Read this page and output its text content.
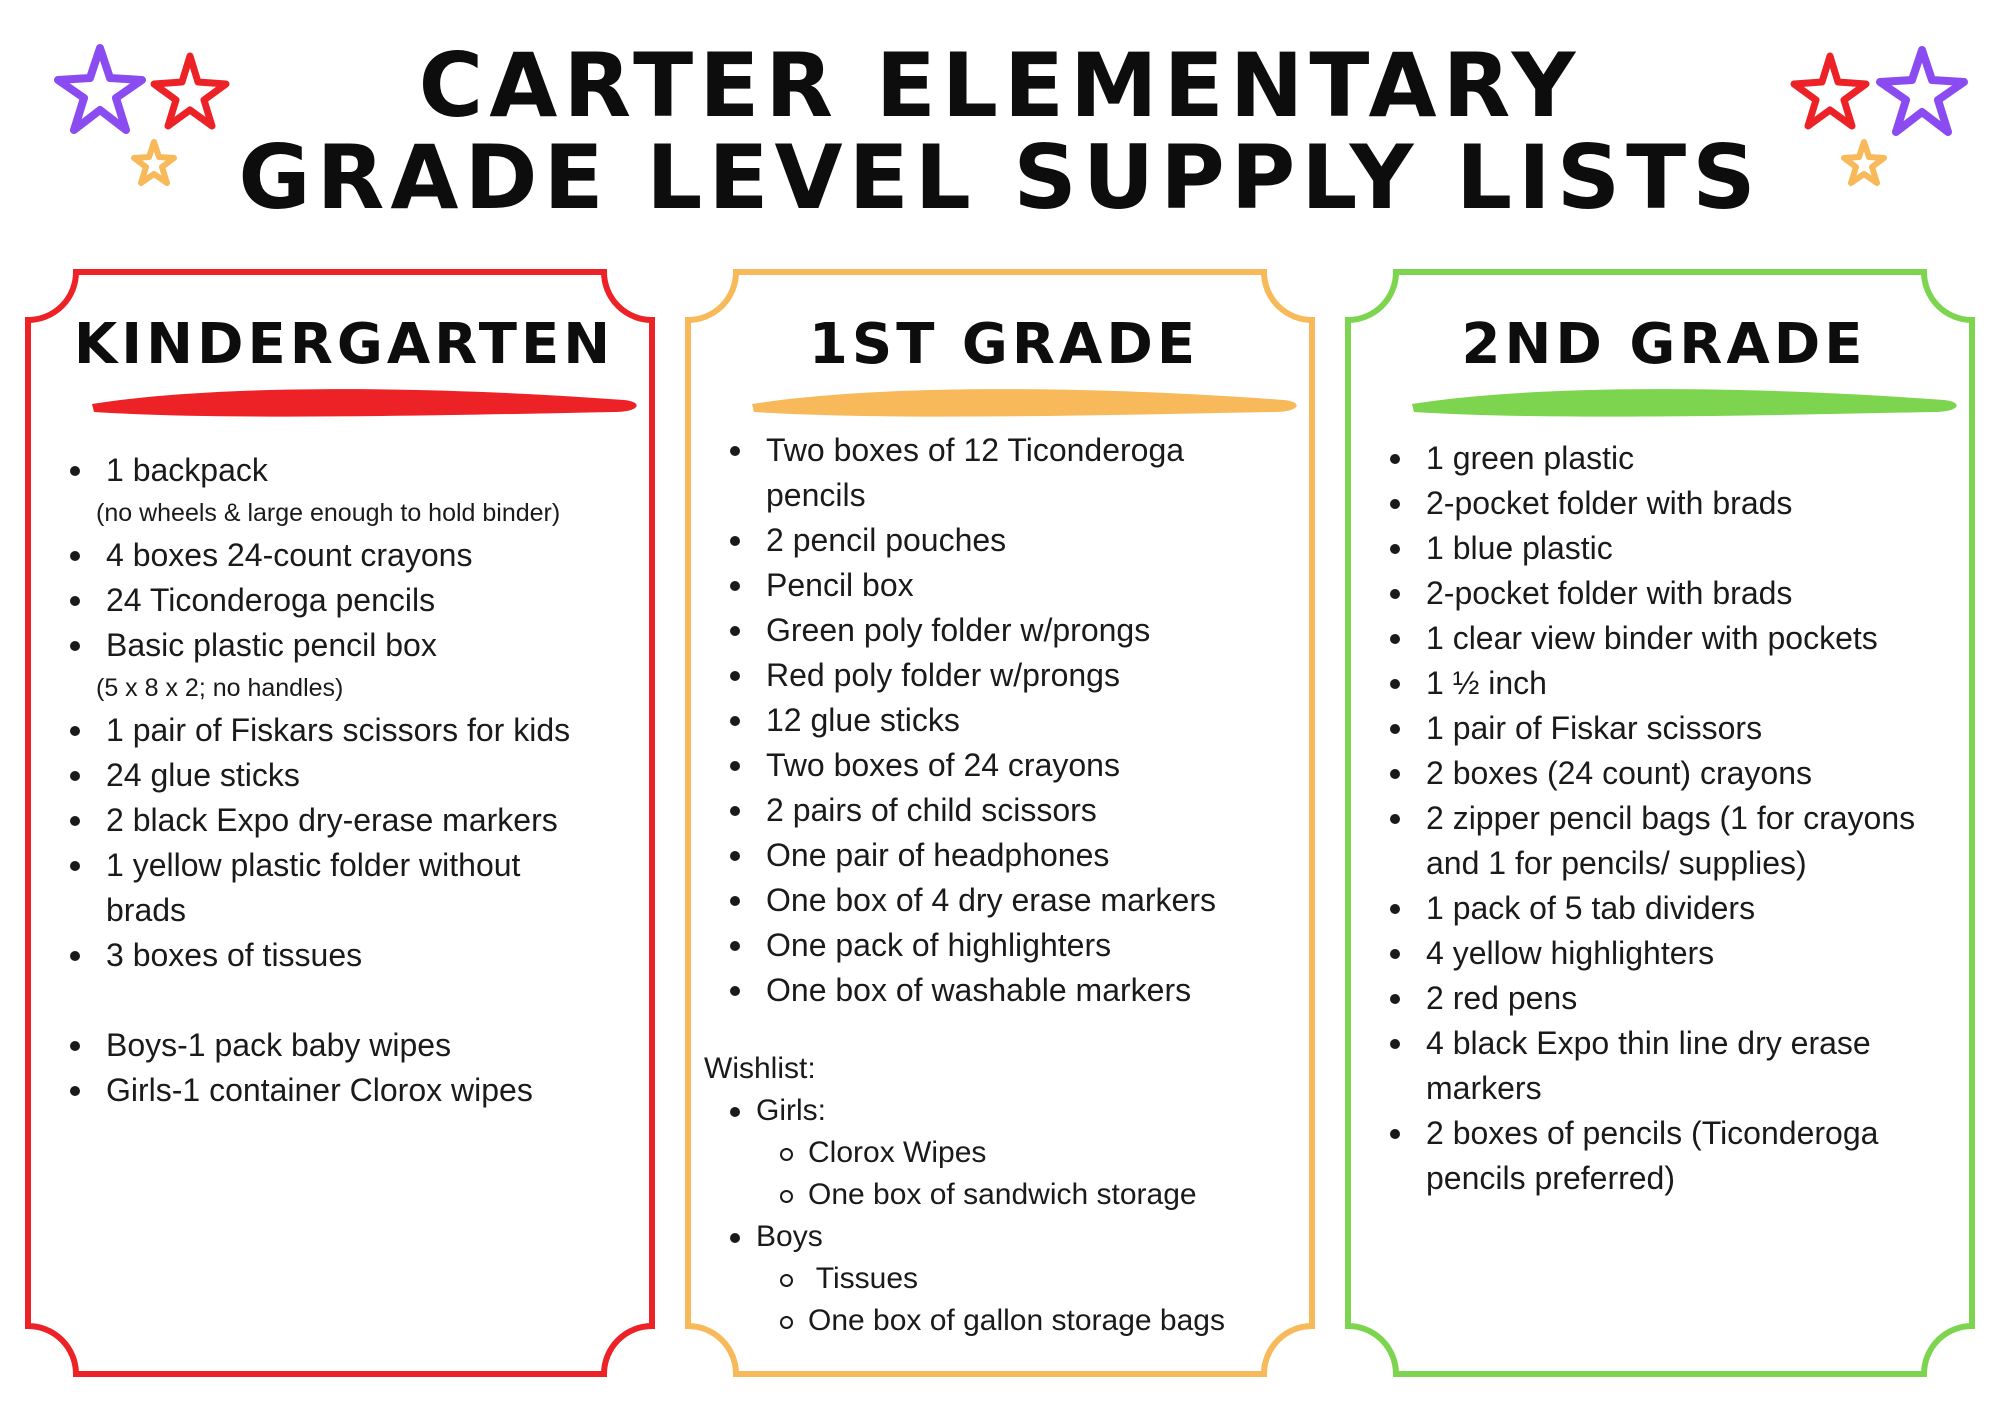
CARTER ELEMENTARY
GRADE LEVEL SUPPLY LISTS
KINDERGARTEN
1 backpack
(no wheels & large enough to hold binder)
4 boxes 24-count crayons
24 Ticonderoga pencils
Basic plastic pencil box
(5 x 8 x 2; no handles)
1 pair of Fiskars scissors for kids
24 glue sticks
2 black Expo dry-erase markers
1 yellow plastic folder without brads
3 boxes of tissues
Boys-1 pack baby wipes
Girls-1 container Clorox wipes
1ST GRADE
Two boxes of 12 Ticonderoga pencils
2 pencil pouches
Pencil box
Green poly folder w/prongs
Red poly folder w/prongs
12 glue sticks
Two boxes of 24 crayons
2 pairs of child scissors
One pair of headphones
One box of 4 dry erase markers
One pack of highlighters
One box of washable markers
Wishlist:
Girls:
Clorox Wipes
One box of sandwich storage
Boys
Tissues
One box of gallon storage bags
2ND GRADE
1 green plastic
2-pocket folder with brads
1 blue plastic
2-pocket folder with brads
1 clear view binder with pockets
1 ½ inch
1 pair of Fiskar scissors
2 boxes (24 count) crayons
2 zipper pencil bags (1 for crayons and 1 for pencils/ supplies)
1 pack of 5 tab dividers
4 yellow highlighters
2 red pens
4 black Expo thin line dry erase markers
2 boxes of pencils (Ticonderoga pencils preferred)
